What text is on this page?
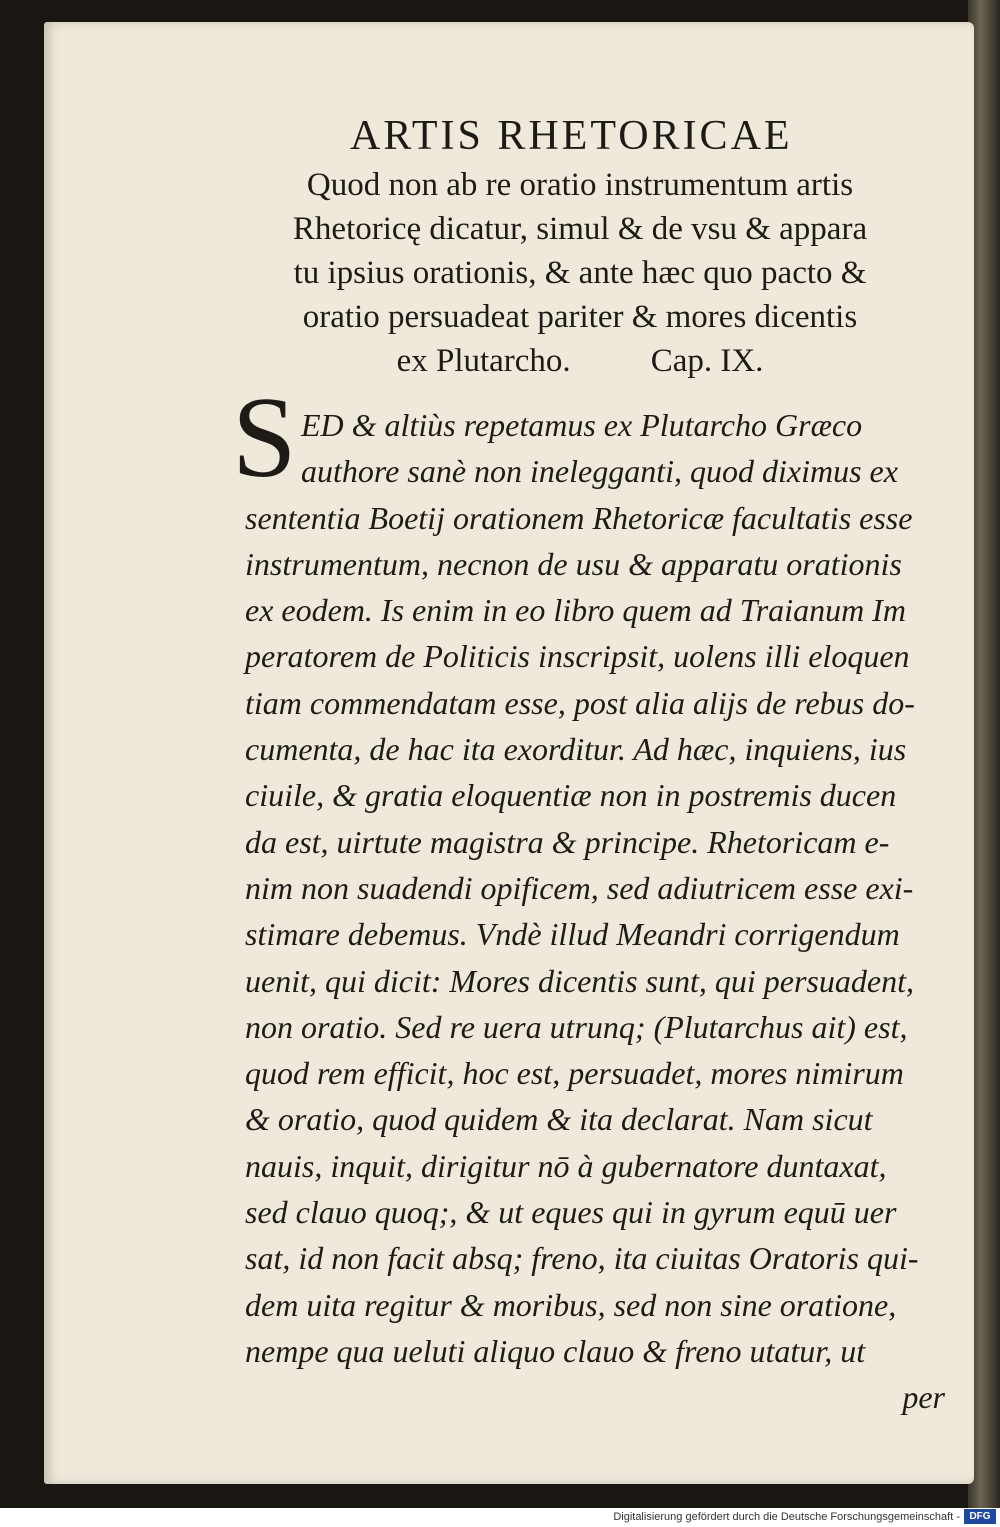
ARTIS RHETORICAE
Quod non ab re oratio instrumentum artis
Rhetoricę dicatur, simul & de vsu & appara
tu ipsius orationis, & ante hæc quo pacto &
oratio persuadeat pariter & mores dicentis
ex Plutarcho. Cap. IX.
S ED & altiùs repetamus ex Plutarcho Græco
authore sanè non inelegganti, quod diximus ex
sententia Boetij orationem Rhetoricæ facultatis esse
instrumentum, necnon de usu & apparatu orationis
ex eodem. Is enim in eo libro quem ad Traianum Im
peratorem de Politicis inscripsit, uolens illi eloquen
tiam commendatam esse, post alia alijs de rebus do-
cumenta, de hac ita exorditur. Ad hæc, inquiens, ius
ciuile, & gratia eloquentiæ non in postremis ducen
da est, uirtute magistra & principe. Rhetoricam e-
nim non suadendi opificem, sed adiutricem esse exi-
stimare debemus. Vndè illud Meandri corrigendum
uenit, qui dicit: Mores dicentis sunt, qui persuadent,
non oratio. Sed re uera utrunq; (Plutarchus ait) est,
quod rem efficit, hoc est, persuadet, mores nimirum
& oratio, quod quidem & ita declarat. Nam sicut
nauis, inquit, dirigitur nō à gubernatore duntaxat,
sed clauo quoq;, & ut eques qui in gyrum equū uer
sat, id non facit absq; freno, ita ciuitas Oratoris qui-
dem uita regitur & moribus, sed non sine oratione,
nempe qua ueluti aliquo clauo & freno utatur, ut
per
Digitalisierung gefördert durch die Deutsche Forschungsgemeinschaft - DFG
